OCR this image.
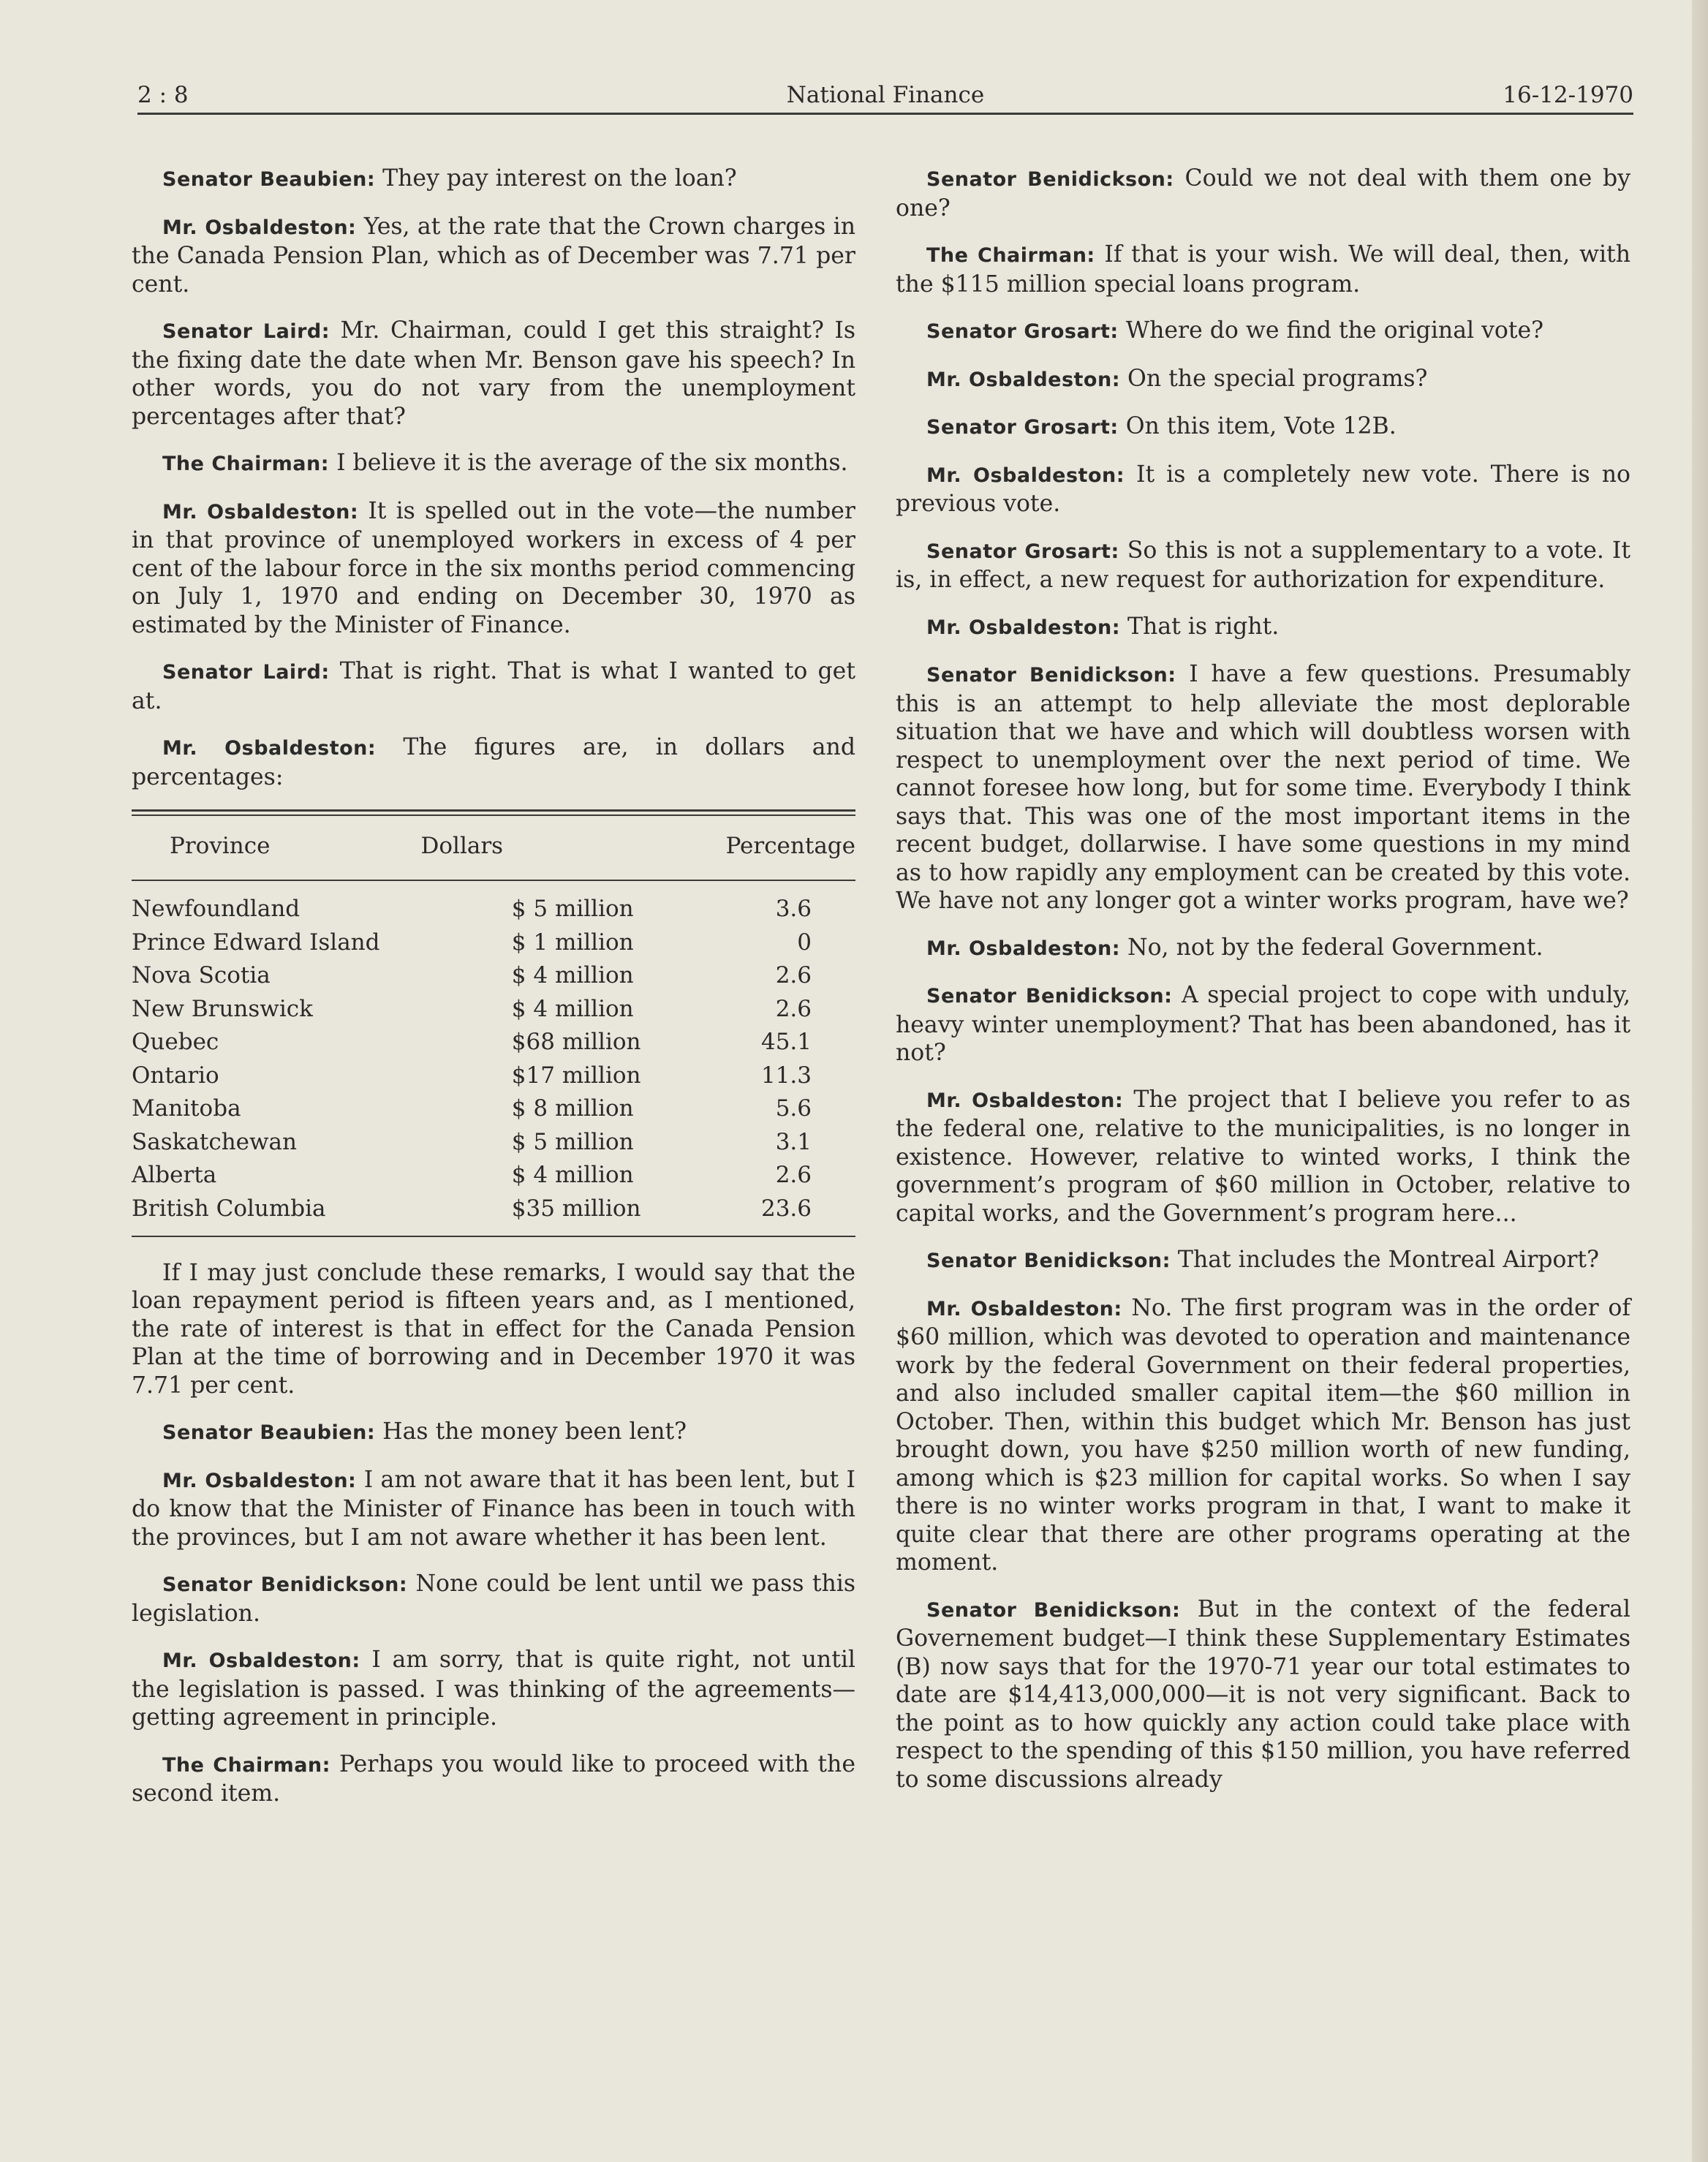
2 : 8	National Finance	16-12-1970

Senator Beaubien: They pay interest on the loan?

Mr. Osbaldeston: Yes, at the rate that the Crown charges in the Canada Pension Plan, which as of December was 7.71 per cent.

Senator Laird: Mr. Chairman, could I get this straight? Is the fixing date the date when Mr. Benson gave his speech? In other words, you do not vary from the unemployment percentages after that?

The Chairman: I believe it is the average of the six months.

Mr. Osbaldeston: It is spelled out in the vote—the number in that province of unemployed workers in excess of 4 per cent of the labour force in the six months period commencing on July 1, 1970 and ending on December 30, 1970 as estimated by the Minister of Finance.

Senator Laird: That is right. That is what I wanted to get at.

Mr. Osbaldeston: The figures are, in dollars and percentages:

Province	Dollars	Percentage
Newfoundland	$ 5 million	3.6
Prince Edward Island	$ 1 million	0
Nova Scotia	$ 4 million	2.6
New Brunswick	$ 4 million	2.6
Quebec	$68 million	45.1
Ontario	$17 million	11.3
Manitoba	$ 8 million	5.6
Saskatchewan	$ 5 million	3.1
Alberta	$ 4 million	2.6
British Columbia	$35 million	23.6

If I may just conclude these remarks, I would say that the loan repayment period is fifteen years and, as I mentioned, the rate of interest is that in effect for the Canada Pension Plan at the time of borrowing and in December 1970 it was 7.71 per cent.

Senator Beaubien: Has the money been lent?

Mr. Osbaldeston: I am not aware that it has been lent, but I do know that the Minister of Finance has been in touch with the provinces, but I am not aware whether it has been lent.

Senator Benidickson: None could be lent until we pass this legislation.

Mr. Osbaldeston: I am sorry, that is quite right, not until the legislation is passed. I was thinking of the agreements—getting agreement in principle.

The Chairman: Perhaps you would like to proceed with the second item.

Senator Benidickson: Could we not deal with them one by one?

The Chairman: If that is your wish. We will deal, then, with the $115 million special loans program.

Senator Grosart: Where do we find the original vote?

Mr. Osbaldeston: On the special programs?

Senator Grosart: On this item, Vote 12B.

Mr. Osbaldeston: It is a completely new vote. There is no previous vote.

Senator Grosart: So this is not a supplementary to a vote. It is, in effect, a new request for authorization for expenditure.

Mr. Osbaldeston: That is right.

Senator Benidickson: I have a few questions. Presumably this is an attempt to help alleviate the most deplorable situation that we have and which will doubtless worsen with respect to unemployment over the next period of time. We cannot foresee how long, but for some time. Everybody I think says that. This was one of the most important items in the recent budget, dollarwise. I have some questions in my mind as to how rapidly any employment can be created by this vote. We have not any longer got a winter works program, have we?

Mr. Osbaldeston: No, not by the federal Government.

Senator Benidickson: A special project to cope with unduly, heavy winter unemployment? That has been abandoned, has it not?

Mr. Osbaldeston: The project that I believe you refer to as the federal one, relative to the municipalities, is no longer in existence. However, relative to winted works, I think the government’s program of $60 million in October, relative to capital works, and the Government’s program here...

Senator Benidickson: That includes the Montreal Airport?

Mr. Osbaldeston: No. The first program was in the order of $60 million, which was devoted to operation and maintenance work by the federal Government on their federal properties, and also included smaller capital item—the $60 million in October. Then, within this budget which Mr. Benson has just brought down, you have $250 million worth of new funding, among which is $23 million for capital works. So when I say there is no winter works program in that, I want to make it quite clear that there are other programs operating at the moment.

Senator Benidickson: But in the context of the federal Governement budget—I think these Supplementary Estimates (B) now says that for the 1970-71 year our total estimates to date are $14,413,000,000—it is not very significant. Back to the point as to how quickly any action could take place with respect to the spending of this $150 million, you have referred to some discussions already
